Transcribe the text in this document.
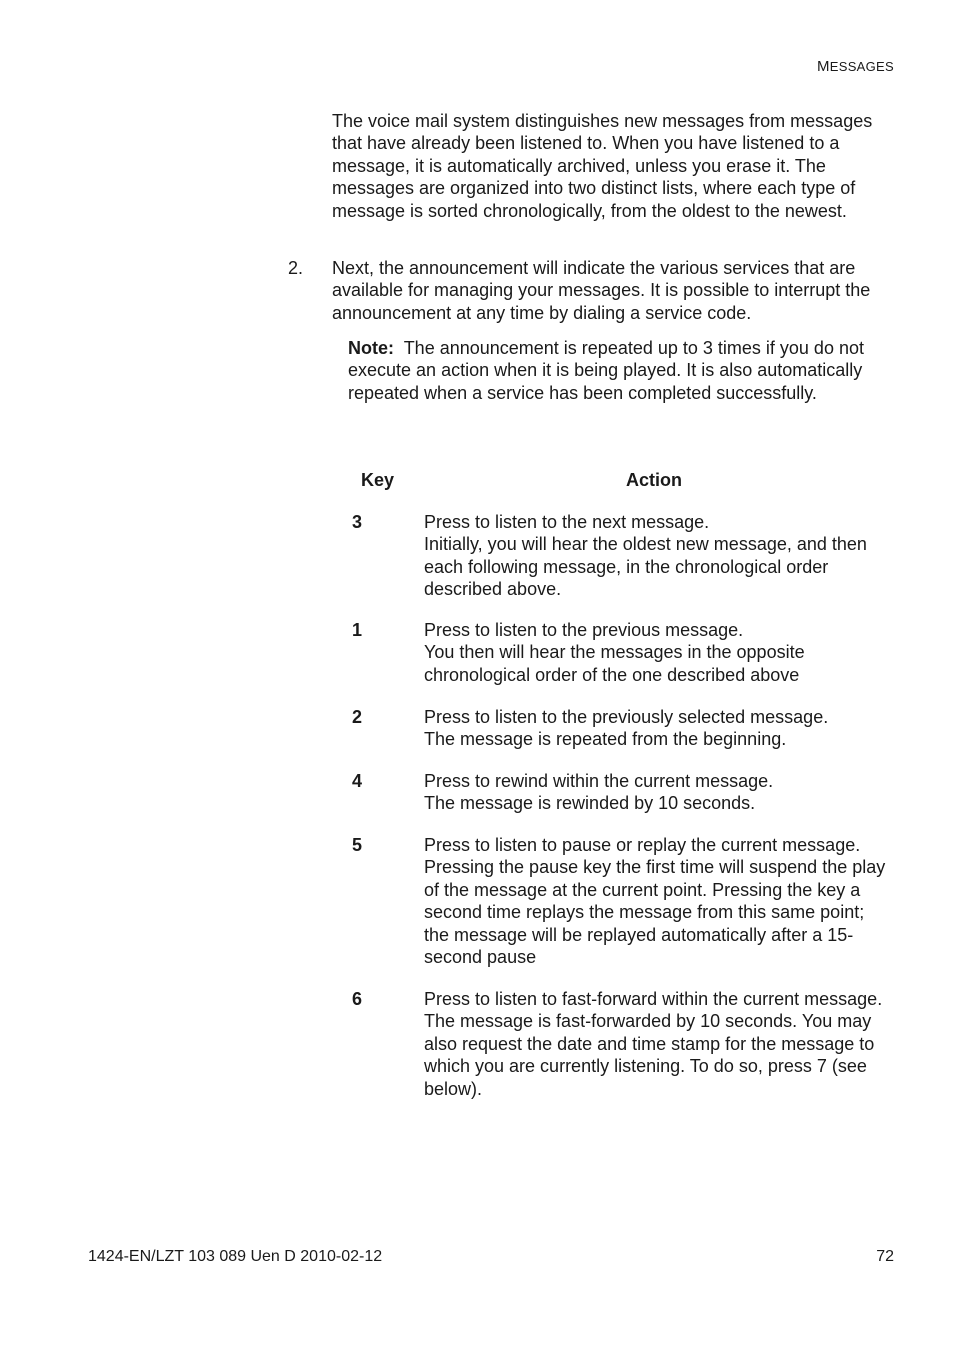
MESSAGES

The voice mail system distinguishes new messages from messages that have already been listened to. When you have listened to a message, it is automatically archived, unless you erase it. The messages are organized into two distinct lists, where each type of message is sorted chronologically, from the oldest to the newest.

2. Next, the announcement will indicate the various services that are available for managing your messages. It is possible to interrupt the announcement at any time by dialing a service code.
Note: The announcement is repeated up to 3 times if you do not execute an action when it is being played. It is also automatically repeated when a service has been completed successfully.
Key	Action
3	Press to listen to the next message.
Initially, you will hear the oldest new message, and then each following message, in the chronological order described above.
1	Press to listen to the previous message.
You then will hear the messages in the opposite chronological order of the one described above
2	Press to listen to the previously selected message.
The message is repeated from the beginning.
4	Press to rewind within the current message.
The message is rewinded by 10 seconds.
5	Press to listen to pause or replay the current message.
Pressing the pause key the first time will suspend the play of the message at the current point. Pressing the key a second time replays the message from this same point; the message will be replayed automatically after a 15-second pause
6	Press to listen to fast-forward within the current message.
The message is fast-forwarded by 10 seconds. You may also request the date and time stamp for the message to which you are currently listening. To do so, press 7 (see below).
1424-EN/LZT 103 089 Uen D 2010-02-12	72
